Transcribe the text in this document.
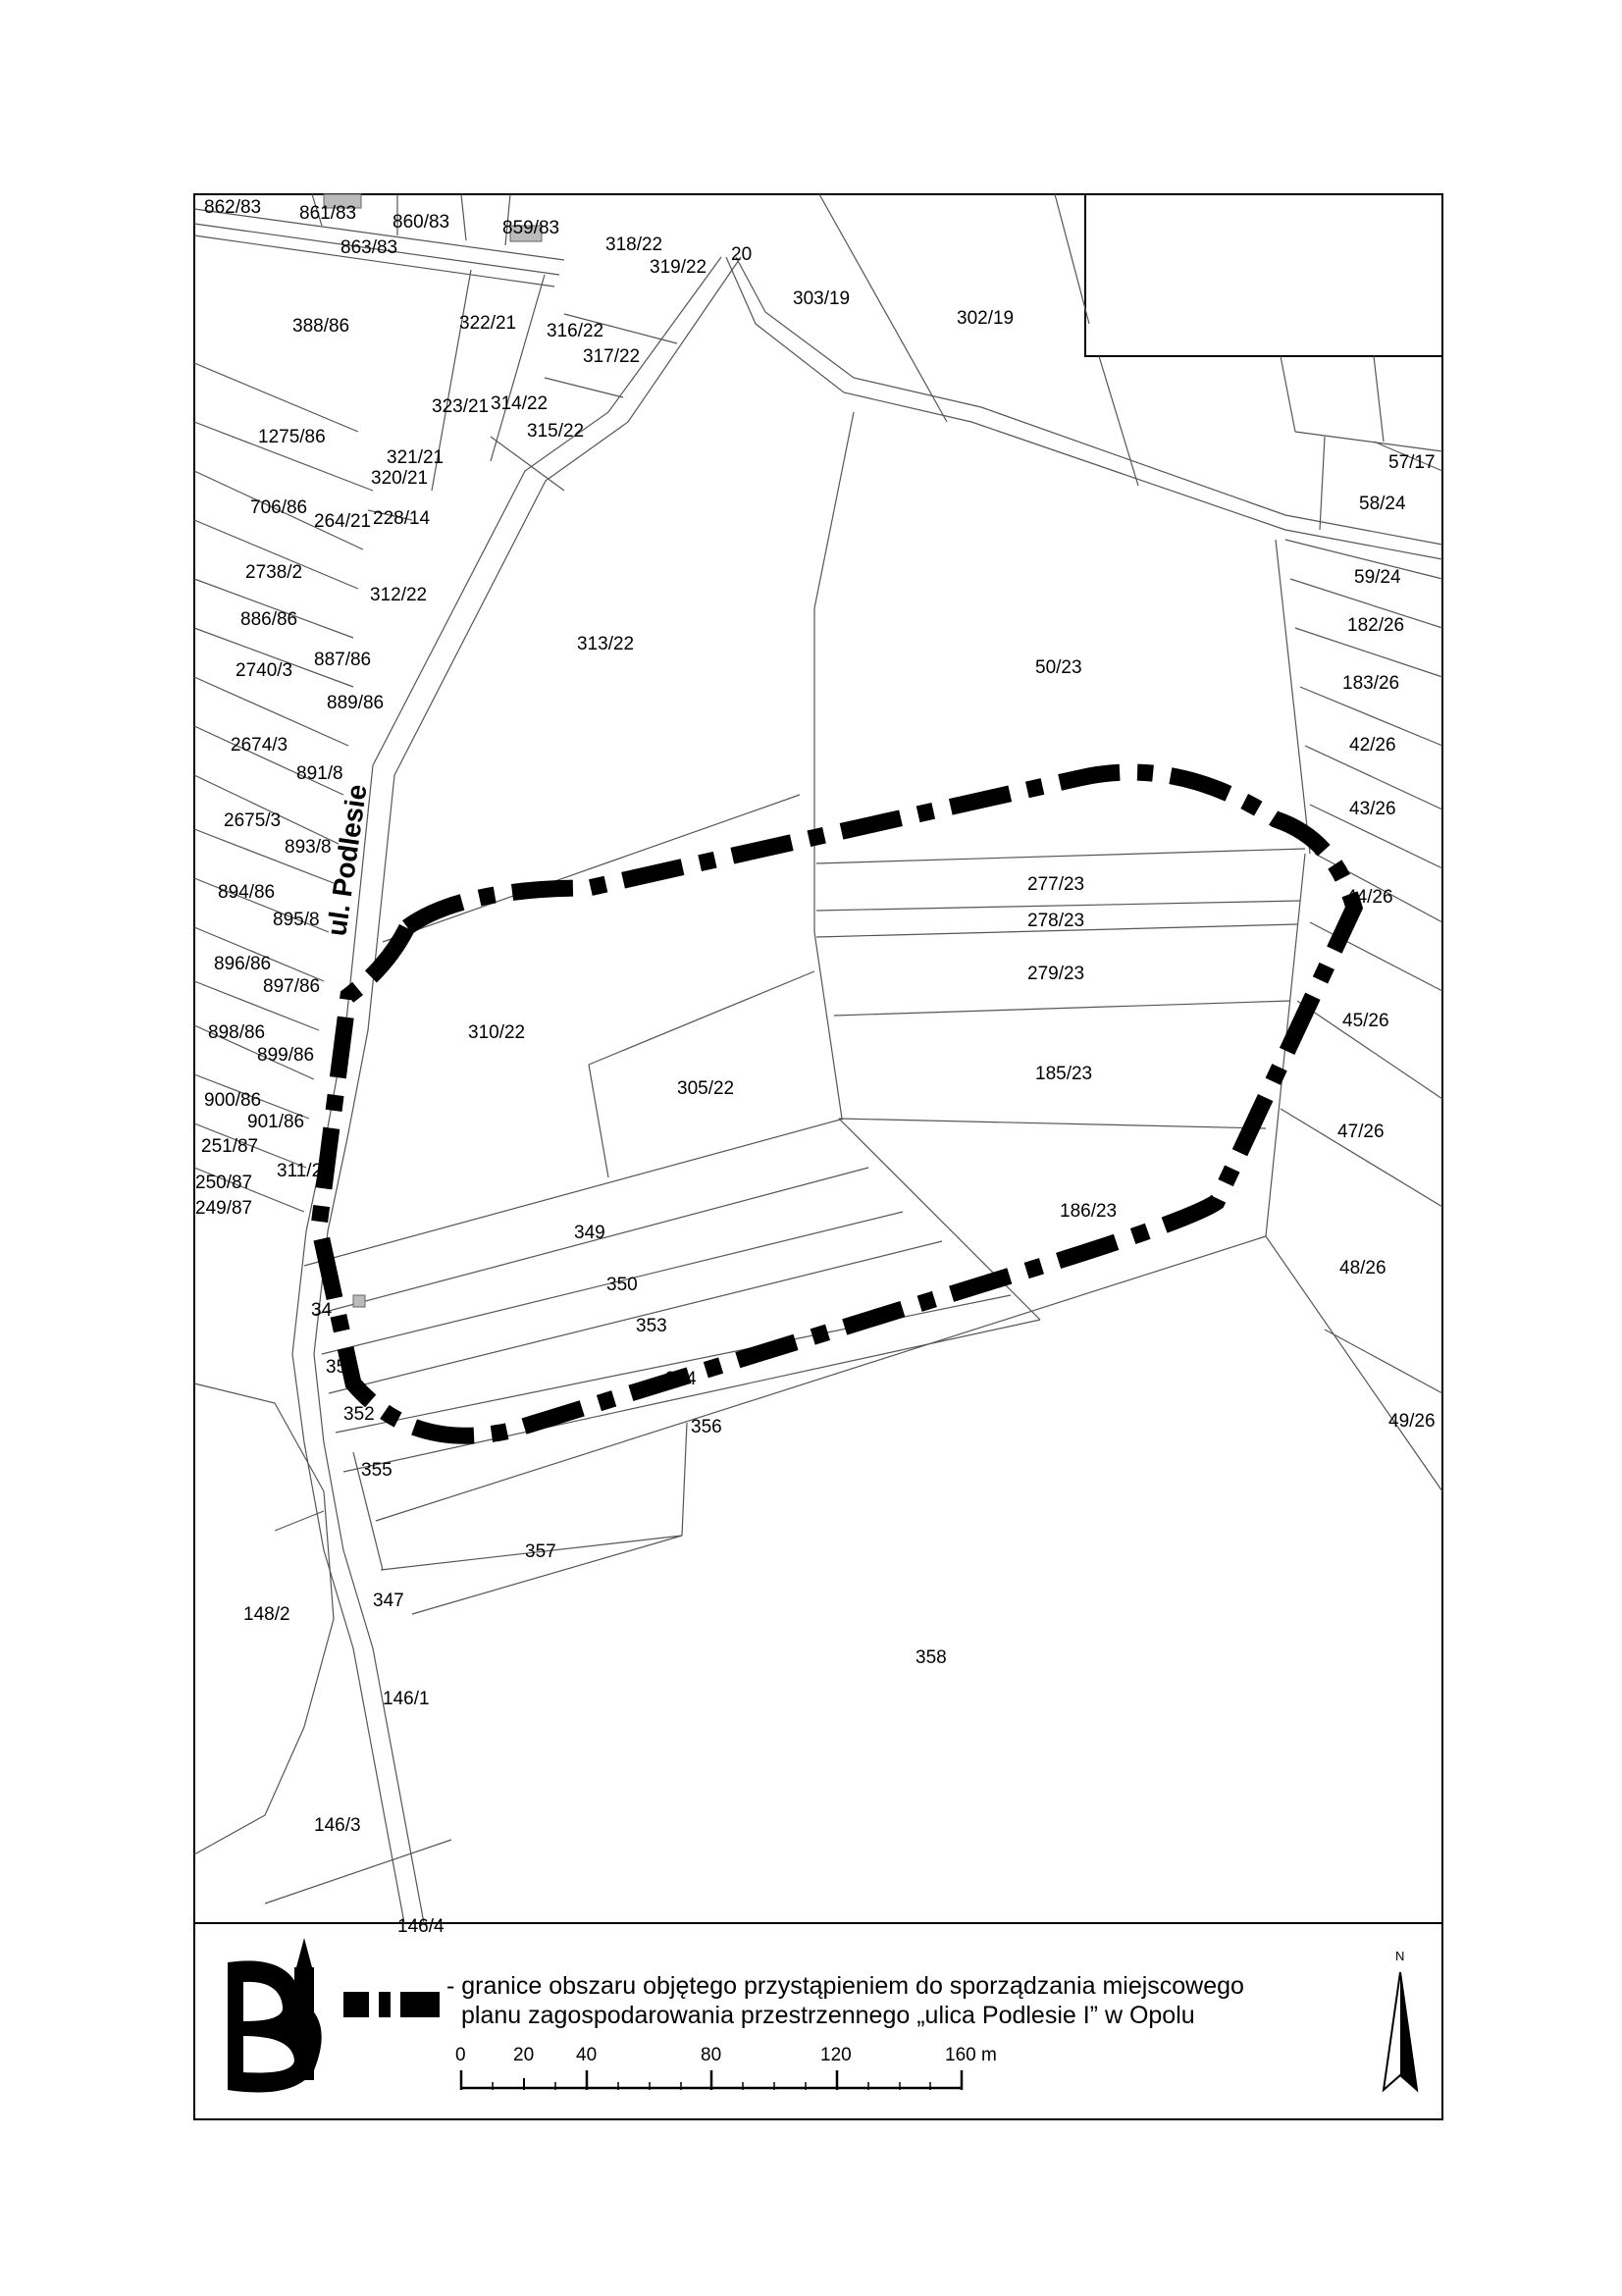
ul. Podlesie
862/83 861/83 860/83	859/83
863/83	318/22
319/22
20
303/19
302/19
388/86	322/21 316/22
317/22
323/21 314/22
315/22
1275/86
321/21
320/21
706/86
264/21 228/14
57/17
58/24
2738/2
312/22
59/24
886/86
313/22
182/26
887/86
2740/3	50/23
183/26
889/86
2674/3	42/26
891/8
43/26
2675/3
893/8
277/23
894/86	44/26
278/23
895/8
896/86	279/23
897/86
45/26
898/86	310/22
899/86
185/23
305/22
900/86
901/86	47/26
251/87
311/2
250/87
186/23
249/87
349
48/26
350
34
353
35
354
352
356	49/26
355
357
347
148/2
358
146/1
146/3
146/4
- granice obszaru objętego przystąpieniem do sporządzania miejscowego
planu zagospodarowania przestrzennego „ulica Podlesie I” w Opolu
0	20 40	80	120	160 m
N
